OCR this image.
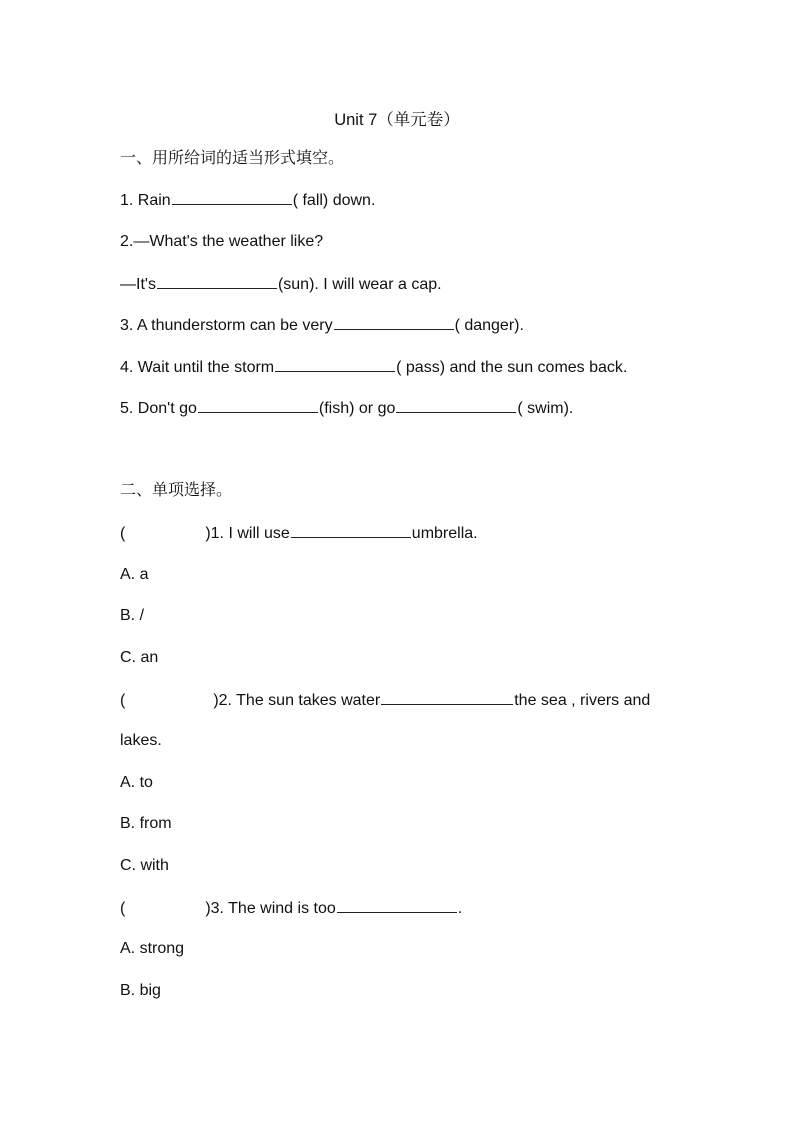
Unit 7（单元卷）
一、用所给词的适当形式填空。
1. Rain	( fall) down.
2.—What's the weather like?
—It's	(sun). I will wear a cap.
3. A thunderstorm can be very	( danger).
4. Wait until the storm	( pass) and the sun comes back.
5. Don't go	(fish) or go	( swim).
二、单项选择。
(	)1. I will use	umbrella.
A. a
B. /
C. an
(	)2. The sun takes water	the sea , rivers and
lakes.
A. to
B. from
C. with
(	)3. The wind is too	.
A. strong
B. big
